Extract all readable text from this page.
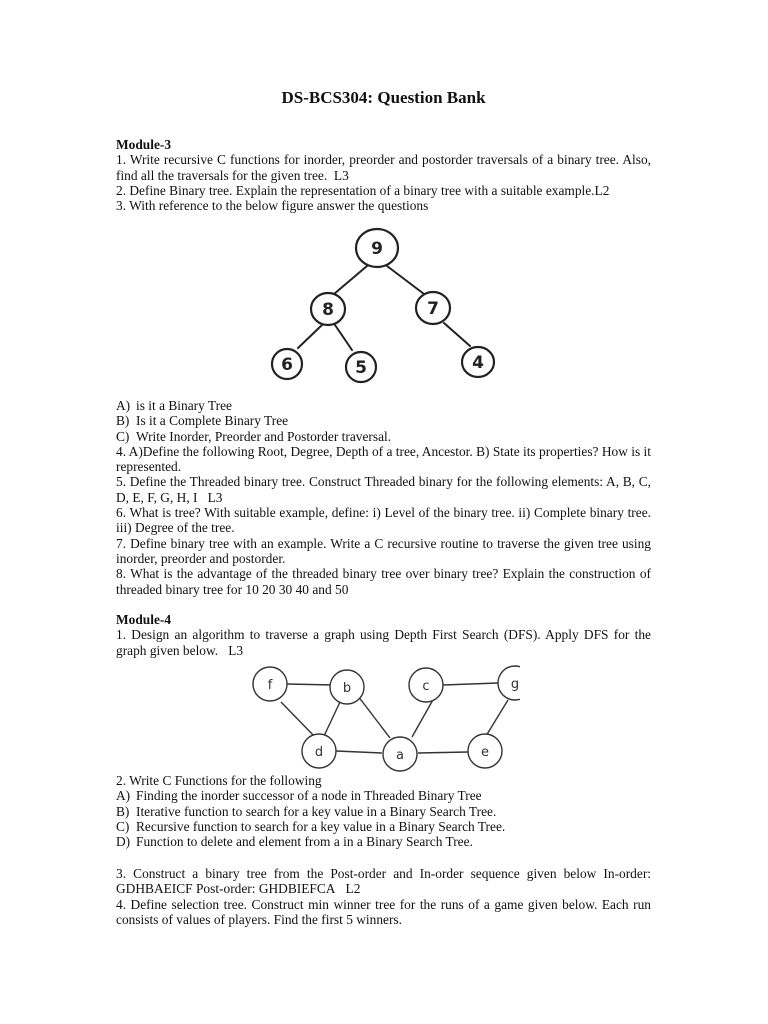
DS-BCS304: Question Bank
Module-3
1. Write recursive C functions for inorder, preorder and postorder traversals of a binary tree. Also, find all the traversals for the given tree. L3
2. Define Binary tree. Explain the representation of a binary tree with a suitable example.L2
3. With reference to the below figure answer the questions
9
8	7
6	5	4
A) is it a Binary Tree
B) Is it a Complete Binary Tree
C) Write Inorder, Preorder and Postorder traversal.
4. A)Define the following Root, Degree, Depth of a tree, Ancestor. B) State its properties? How is it represented.
5. Define the Threaded binary tree. Construct Threaded binary for the following elements: A, B, C, D, E, F, G, H, I L3
6. What is tree? With suitable example, define: i) Level of the binary tree. ii) Complete binary tree. iii) Degree of the tree.
7. Define binary tree with an example. Write a C recursive routine to traverse the given tree using inorder, preorder and postorder.
8. What is the advantage of the threaded binary tree over binary tree? Explain the construction of threaded binary tree for 10 20 30 40 and 50
Module-4
1. Design an algorithm to traverse a graph using Depth First Search (DFS). Apply DFS for the graph given below. L3
f	b	c	g
d	a	e
2. Write C Functions for the following
A) Finding the inorder successor of a node in Threaded Binary Tree
B) Iterative function to search for a key value in a Binary Search Tree.
C) Recursive function to search for a key value in a Binary Search Tree.
D) Function to delete and element from a in a Binary Search Tree.
3. Construct a binary tree from the Post-order and In-order sequence given below In-order: GDHBAEICF Post-order: GHDBIEFCA L2
4. Define selection tree. Construct min winner tree for the runs of a game given below. Each run consists of values of players. Find the first 5 winners.
